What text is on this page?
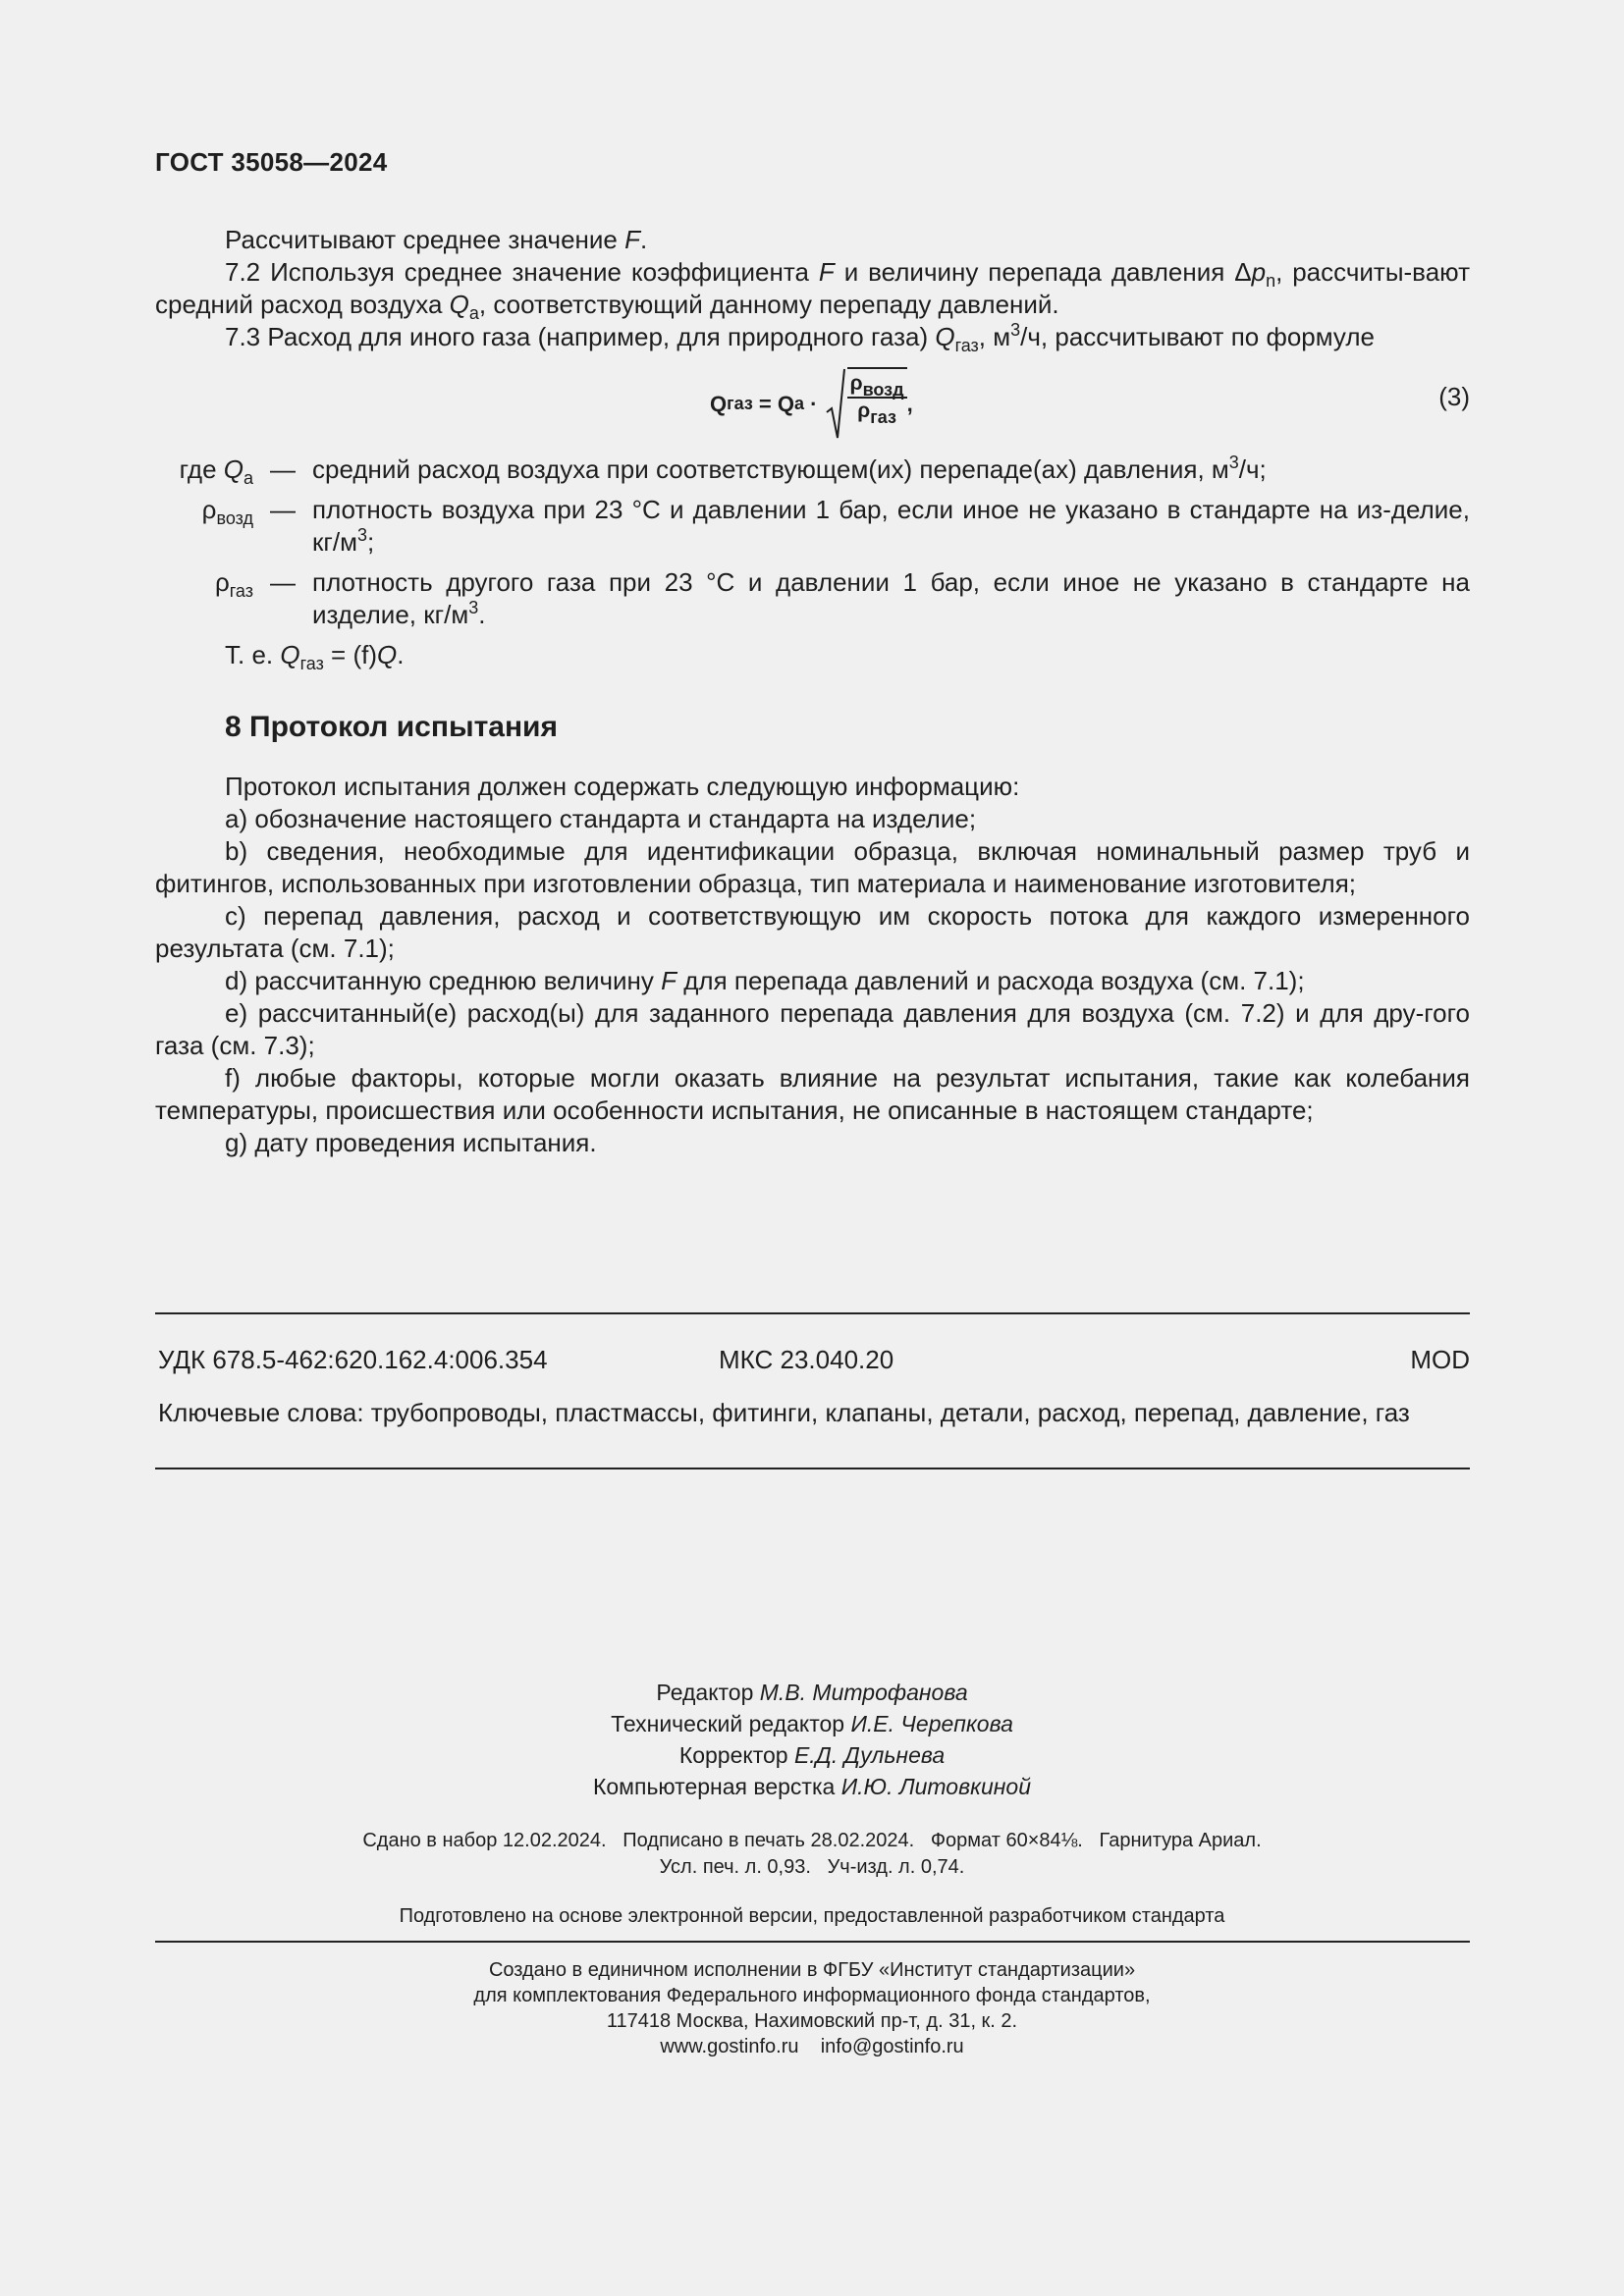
ГОСТ 35058—2024

Рассчитывают среднее значение F.

7.2 Используя среднее значение коэффициента F и величину перепада давления $\Delta p_n$, рассчиты-вают средний расход воздуха $Q_a$, соответствующий данному перепаду давлений.

7.3 Расход для иного газа (например, для природного газа) $Q_{газ}$, $м^3/ч$, рассчитывают по формуле

Q газ = Q $a \cdot \frac{\rho_{возд}}{\rho_{газ}}$ ,	(3)
где $Q_a$ — средний расход воздуха при соответствующем(их) перепаде(ах) давления, $м^3/ч$;
$\rho_{возд}$ — плотность воздуха при 23 °С и давлении 1 бар, если иное не указано в стандарте на из-делие, $кг/м^3$;
$\rho_{газ}$ — плотность другого газа при 23 °С и давлении 1 бар, если иное не указано в стандарте на изделие, $кг/м^3$.

Т. е. $Q_{газ} = (f)Q$.

8 Протокол испытания

Протокол испытания должен содержать следующую информацию:

a) обозначение настоящего стандарта и стандарта на изделие;

b) сведения, необходимые для идентификации образца, включая номинальный размер труб и фитингов, использованных при изготовлении образца, тип материала и наименование изготовителя;

c) перепад давления, расход и соответствующую им скорость потока для каждого измеренного результата (см. 7.1);

d) рассчитанную среднюю величину F для перепада давлений и расхода воздуха (см. 7.1);

e) рассчитанный(е) расход(ы) для заданного перепада давления для воздуха (см. 7.2) и для дру-гого газа (см. 7.3);

f) любые факторы, которые могли оказать влияние на результат испытания, такие как колебания температуры, происшествия или особенности испытания, не описанные в настоящем стандарте;

g) дату проведения испытания.

УДК 678.5-462:620.162.4:006.354	МКС 23.040.20	MOD
Ключевые слова: трубопроводы, пластмассы, фитинги, клапаны, детали, расход, перепад, давление, газ
Редактор М.В. Митрофанова
Технический редактор И.Е. Черепкова
Корректор Е.Д. Дульнева
Компьютерная верстка И.Ю. Литовкиной
Сдано в набор 12.02.2024.   Подписано в печать 28.02.2024.   Формат 60×84⅛.   Гарнитура Ариал.
Усл. печ. л. 0,93.   Уч-изд. л. 0,74.
Подготовлено на основе электронной версии, предоставленной разработчиком стандарта
Создано в единичном исполнении в ФГБУ «Институт стандартизации»
для комплектования Федерального информационного фонда стандартов,
117418 Москва, Нахимовский пр-т, д. 31, к. 2.
www.gostinfo.ru    info@gostinfo.ru
